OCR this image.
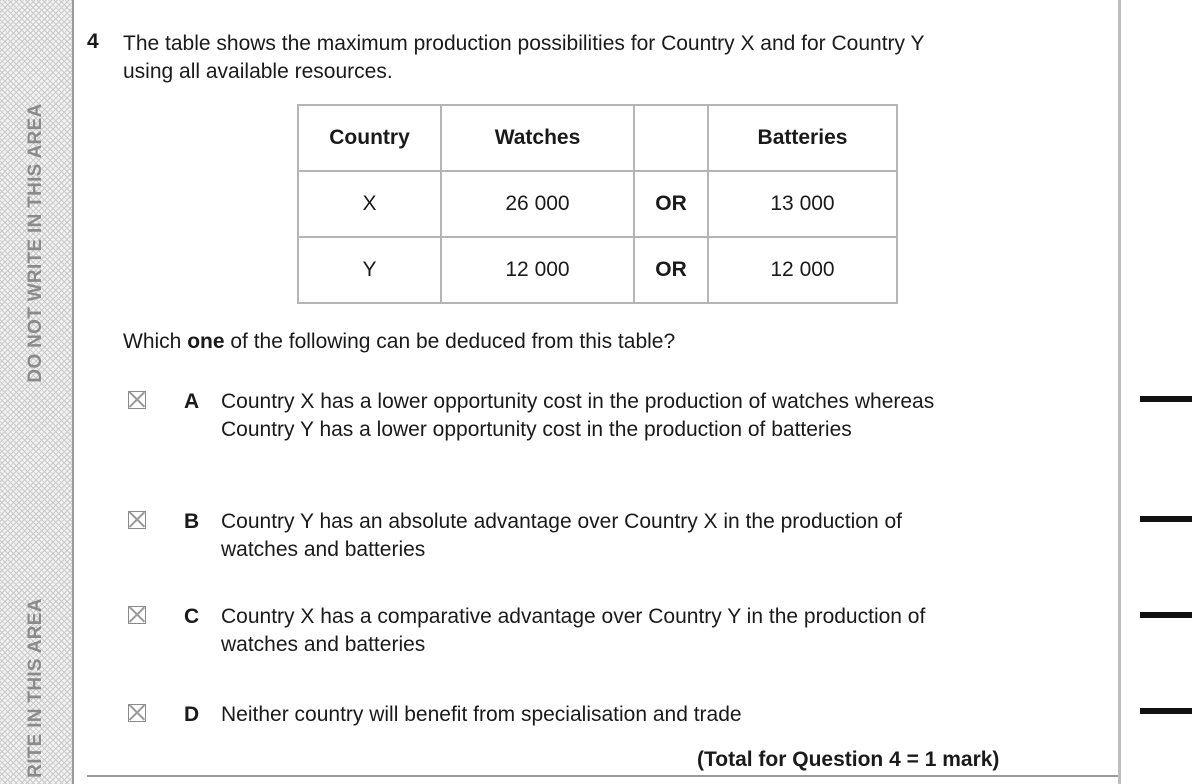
DO NOT WRITE IN THIS AREA
RITE IN THIS AREA
4 The table shows the maximum production possibilities for Country X and for Country Y using all available resources.
Country	Watches		Batteries
X	26 000	OR	13 000
Y	12 000	OR	12 000
Which one of the following can be deduced from this table?
A Country X has a lower opportunity cost in the production of watches whereas Country Y has a lower opportunity cost in the production of batteries
B Country Y has an absolute advantage over Country X in the production of watches and batteries
C Country X has a comparative advantage over Country Y in the production of watches and batteries
D Neither country will benefit from specialisation and trade
(Total for Question 4 = 1 mark)
